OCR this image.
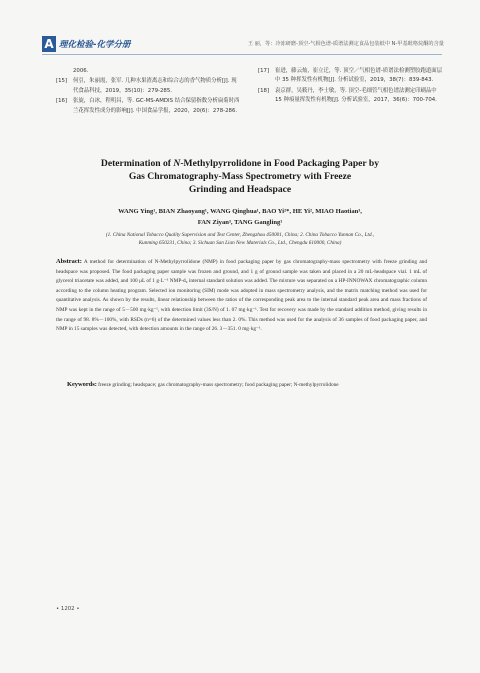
A 理化检验-化学分册	王 丽，等：冷冻研磨-顶空-气相色谱-质谱法测定食品包装纸中 N-甲基吡咯烷酮的含量
2006.
[15] 何引，朱丽霞，张军. 几种水果渣离志和综合志的香气物质分析[J]. 现代食品科技，2019，35(10)：279-285.
[16] 张旋，白冰，程明昌，等. GC-MS-AMDIS 结合保留指数分析扁菊时西兰花挥发性成分的影响[J]. 中国食品学报，2020，20(6)：278-286.
[17] 崔进，藤云灿，崔立迁，等. 顶空／气相色谱-质谱法检测塑胶跑道面层中 35 种挥发性有机物[J]. 分析试验室，2019，38(7)：839-843.
[18] 袁京群，吴筱丹，李士敏，等. 顶空-毛细管气相色谱法测定印刷品中 15 种痕量挥发性有机物[J]. 分析试验室，2017，36(6)：700-704.
Determination of N-Methylpyrrolidone in Food Packaging Paper by
Gas Chromatography-Mass Spectrometry with Freeze
Grinding and Headspace
WANG Ying¹, BIAN Zhaoyang¹, WANG Qinghua¹, BAO Yi²*, HE Yi², MIAO Haotian³,
FAN Ziyan³, TANG Gangling¹
(1. China National Tobacco Quality Supervision and Test Center, Zhengzhou 450001, China; 2. China Tobacco Yunnan Co., Ltd.,
Kunming 650231, China; 3. Sichuan San Lian New Materials Co., Ltd., Chengdu 610000, China)
Abstract: A method for determination of N-Methylpyrrolidone (NMP) in food packaging paper by gas chromatography-mass spectrometry with freeze grinding and headspace was proposed. The food packaging paper sample was frozen and ground, and 1 g of ground sample was taken and placed in a 20 mL-headspace vial. 1 mL of glycerol triacetate was added, and 100 μL of 1 g·L⁻¹ NMP-d₉ internal standard solution was added. The mixture was separated on a HP-INNOWAX chromatographic column according to the column heating program. Selected ion monitoring (SIM) mode was adopted in mass spectrometry analysis, and the matrix matching method was used for quantitative analysis. As shown by the results, linear relationship between the ratios of the corresponding peak area to the internal standard peak area and mass fractions of NMP was kept in the range of 5－500 mg·kg⁻¹, with detection limit (3S/N) of 1. 07 mg·kg⁻¹. Test for recovery was made by the standard addition method, giving results in the range of 98. 8%－100%, with RSDs (n=6) of the determined values less than 2. 0%. This method was used for the analysis of 36 samples of food packaging paper, and NMP in 15 samples was detected, with detection amounts in the range of 26. 3－351. 0 mg·kg⁻¹.
Keywords: freeze grinding; headspace; gas chromatography-mass spectrometry; food packaging paper; N-methylpyrrolidone
• 1202 •
